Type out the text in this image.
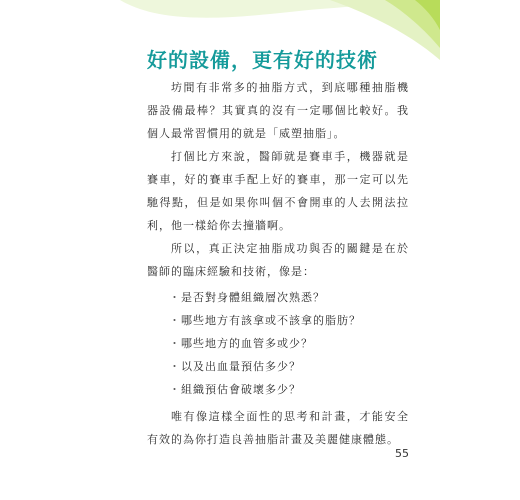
好的設備，更有好的技術

坊間有非常多的抽脂方式，到底哪種抽脂機器設備最棒？其實真的沒有一定哪個比較好。我個人最常習慣用的就是「威塑抽脂」。

打個比方來說，醫師就是賽車手，機器就是賽車，好的賽車手配上好的賽車，那一定可以先馳得點，但是如果你叫個不會開車的人去開法拉利，他一樣給你去撞牆啊。

所以，真正決定抽脂成功與否的關鍵是在於醫師的臨床經驗和技術，像是：

・ 是否對身體組織層次熟悉？
・ 哪些地方有該拿或不該拿的脂肪？
・ 哪些地方的血管多或少？
・ 以及出血量預估多少？
・ 組織預估會破壞多少？

唯有像這樣全面性的思考和計畫，才能安全有效的為你打造良善抽脂計畫及美麗健康體態。

55
